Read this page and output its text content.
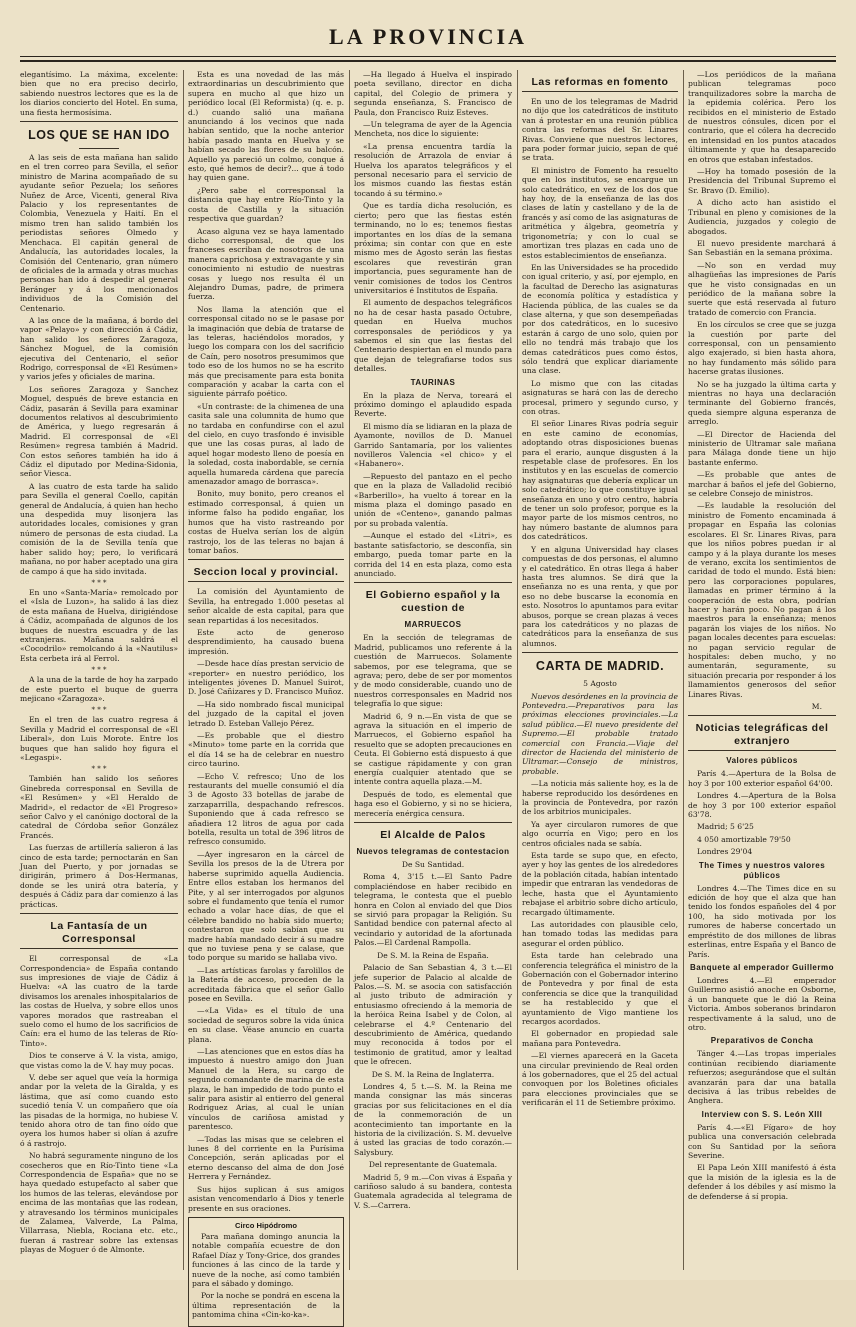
LA PROVINCIA

elegantísimo. La máxima, excelente: bien que no era preciso decirlo, sabiendo nuestros lectores que es la de los diarios concierto del Hotel. En suma, una fiesta hermosísima.

LOS QUE SE HAN IDO

A las seis de esta mañana han salido en el tren correo para Sevilla, el señor ministro de Marina acompañado de su ayudante señor Pezuela; los señores Nuñez de Arce, Vicenti, general Riva Palacio y los representantes de Colombia, Venezuela y Haití. En el mismo tren han salido también los periodistas señores Olmedo y Menchaca. El capitán general de Andalucía, las autoridades locales, la Comisión del Centenario, gran número de oficiales de la armada y otras muchas personas han ido á despedir al general Beránger y á los mencionados individuos de la Comisión del Centenario.

A las once de la mañana, á bordo del vapor «Pelayo» y con dirección á Cádiz, han salido los señores Zaragoza, Sánchez Moguel, de la comisión ejecutiva del Centenario, el señor Rodrigo, corresponsal de «El Resúmen» y varios jefes y oficiales de marina.

Los señores Zaragoza y Sanchez Moguel, después de breve estancia en Cádiz, pasarán á Sevilla para examinar documentos relativos al descubrimiento de América, y luego regresarán á Madrid. El corresponsal de «El Resúmen» regresa también á Madrid. Con estos señores también ha ido á Cádiz el diputado por Medina-Sidonia, señor Viesca.

A las cuatro de esta tarde ha salido para Sevilla el general Coello, capitán general de Andalucía, á quien han hecho una despedida muy lisonjera las autoridades locales, comisiones y gran número de personas de esta ciudad. La comisión de la de Sevilla tenía que haber salido hoy; pero, lo verificará mañana, no por haber aceptado una gira de campo á que ha sido invitada.

* * *

En uno «Santa-María» remolcado por el «Isla de Luzon», ha salido á las diez de esta mañana de Huelva, dirigiéndose á Cádiz, acompañada de algunos de los buques de nuestra escuadra y de las extranjeras. Mañana saldrá el «Cocodrilo» remolcando á la «Nautilus» Esta cerbeta irá al Ferrol.

* * *

A la una de la tarde de hoy ha zarpado de este puerto el buque de guerra mejicano «Zaragoza».

* * *

En el tren de las cuatro regresa á Sevilla y Madrid el corresponsal de «El Liberal», don Luis Morote. Entre los buques que han salido hoy figura el «Legaspi».

* * *

También han salido los señores Ginebreda corresponsal en Sevilla de «El Resúmen» y «El Heraldo de Madrid», el redactor de «El Progreso» señor Calvo y el canónigo doctoral de la catedral de Córdoba señor González Francés.

Las fuerzas de artillería salieron á las cinco de esta tarde; pernoctarán en San Juan del Puerto, y por jornadas se dirigirán, primero á Dos-Hermanas, donde se les unirá otra batería, y después á Cádiz para dar comienzo á las prácticas.

La Fantasía de un Corresponsal

El corresponsal de «La Correspondencia» de España contando sus impresiones de viaje de Cádiz á Huelva: «A las cuatro de la tarde divisamos los arenales inhospitalarios de las costas de Huelva, y sobre ellos unos vapores morados que rastreaban el suelo como el humo de los sacrificios de Caín: era el humo de las teleras de Río-Tinto».

Dios te conserve á V. la vista, amigo, que vistas como la de V. hay muy pocas.

V. debe ser aquel que veía la hormiga andar por la veleta de la Giralda, y es lástima, que así como cuando esto sucedió tenía V. un compañero que oía las pisadas de la hormiga, no hubiese V. tenido ahora otro de tan fino oído que oyera los humos haber si olían á azufre ó á rastrojo.

No habrá seguramente ninguno de los cosecheros que en Río-Tinto tiene «La Correspondencia de España» que no se haya quedado estupefacto al saber que los humos de las teleras, elevándose por encima de las montañas que las rodean, y atravesando los términos municipales de Zalamea, Valverde, La Palma, Villarrasa, Niebla, Rociana etc. etc., fueran á rastrear sobre las extensas playas de Moguer ó de Almonte.

Esta es una novedad de las más extraordinarias un descubrimiento que supera en mucho al que hizo un periódico local (El Reformista) (q. e. p. d.) cuando salió una mañana anunciando á los vecinos que nada habían sentido, que la noche anterior había pasado manta en Huelva y se habían secado las flores de su balcón. Aquello ya pareció un colmo, conque á esto, qué hemos de decir?... que á todo hay quien gane.

¿Pero sabe el corresponsal la distancia que hay entre Río-Tinto y la costa de Castilla y la situación respectiva que guardan?

Acaso alguna vez se haya lamentado dicho corresponsal, de que los franceses escriban de nosotros de una manera caprichosa y extravagante y sin conocimiento ni estudio de nuestras cosas y luego nos resulta él un Alejandro Dumas, padre, de primera fuerza.

Nos llama la atención que el corresponsal citado no se le pasase por la imaginación que debía de tratarse de las teleras, haciéndolos morados, y luego los compara con los del sacrificio de Caín, pero nosotros presumimos que todo eso de los humos no se ha escrito más que precisamente para esta bonita comparación y acabar la carta con el siguiente párrafo poético.

«Un contraste: de la chimenea de una casita sale una columnita de humo que no tardaba en confundirse con el azul del cielo, en cuyo trasfondo é invisible que une las cosas puras, al lado de aquel hogar modesto lleno de poesía en la soledad, costa inabordable, se cernía aquella humareda cárdena que parecía amenazador amago de borrasca».

Bonito, muy bonito, pero creanos el estimado corresponsal, á quien un informe falso ha podido engañar, los humos que ha visto rastreando por costas de Huelva serían los de algún rastrojo, los de las teleras no bajan á tomar baños.

Seccion local y provincial.

La comisión del Ayuntamiento de Sevilla, ha entregado 1.000 pesetas al señor alcalde de esta capital, para que sean repartidas á los necesitados.

Este acto de generoso desprendimiento, ha causado buena impresión.

—Desde hace días prestan servicio de «reporter» en nuestro periódico, los inteligentes jóvenes D. Manuel Suirot, D. José Cañizares y D. Francisco Muñoz.

—Ha sido nombrado fiscal municipal del juzgado de la capital el joven letrado D. Esteban Vallejo Pérez.

—Es probable que el diestro «Minuto» tome parte en la corrida que el día 14 se ha de celebrar en nuestro circo taurino.

—Echo V. refresco; Uno de los restaurants del muelle consumió el día 3 de Agosto 33 botellas de jarabe de zarzaparrilla, despachando refrescos. Suponiendo que á cada refresco se añadiera 12 litros de agua por cada botella, resulta un total de 396 litros de refresco consumido.

—Ayer ingresaron en la cárcel de Sevilla los presos de la de Utrera por haberse suprimido aquella Audiencia. Entre ellos estaban los hermanos del Pite, y al ser interrogados por algunos sobre el fundamento que tenía el rumor echado a volar hace días, de que el célebre bandido no había sido muerto; contestaron que solo sabían que su madre había mandado decir á su madre que no tuviese pena y se calase, que todo porque su marido se hallaba vivo.

—Las artísticas farolas y farolillos de la Batería de acceso, proceden de la acreditada fábrica que el señor Gallo posee en Sevilla.

—«La Vida» es el título de una sociedad de seguros sobre la vida única en su clase. Véase anuncio en cuarta plana.

—Las atenciones que en estos días ha impuesto á nuestro amigo don Juan Manuel de la Hera, su cargo de segundo comandante de marina de esta plaza, le han impedido de todo punto el salir para asistir al entierro del general Rodriguez Arias, al cual le unían vínculos de cariñosa amistad y parentesco.

—Todas las misas que se celebren el lunes 8 del corriente en la Purísima Concepción, serán aplicadas por el eterno descanso del alma de don José Herrera y Fernández.

Sus hijos suplican á sus amigos asistan vencomendarlo á Dios y tenerle presente en sus oraciones.

Circo Hipódromo

Para mañana domingo anuncia la notable compañía ecuestre de don Rafael Díaz y Tony-Grice, dos grandes funciones á las cinco de la tarde y nueve de la noche, así como también para el sábado y domingo.

Por la noche se pondrá en escena la última representación de la pantomima china «Cin-ko-ka».

—Ha llegado á Huelva el inspirado poeta sevillano, director en dicha capital, del Colegio de primera y segunda enseñanza, S. Francisco de Paula, don Francisco Ruiz Esteves.

—Un telegrama de ayer de la Agencia Mencheta, nos dice lo siguiente:

«La prensa encuentra tardía la resolución de Arrazola de enviar á Huelva los aparatos telegráficos y el personal necesario para el servicio de los mismos cuando las fiestas están tocando á su término.»

Que es tardía dicha resolución, es cierto; pero que las fiestas estén terminando, no lo es; tenemos fiestas importantes en los días de la semana próxima; sin contar con que en este mismo mes de Agosto serán las fiestas escolares que revestirán gran importancia, pues seguramente han de venir comisiones de todos los Centros universitarios é Institutos de España.

El aumento de despachos telegráficos no ha de cesar hasta pasado Octubre, quedan en Huelva muchos corresponsales de periódicos y ya sabemos el sin que las fiestas del Centenario despiertan en el mundo para que dejan de telegrafiarse todos sus detalles.

TAURINAS

En la plaza de Nerva, toreará el próximo domingo el aplaudido espada Reverte.

El mismo día se lidiaran en la plaza de Ayamonte, novillos de D. Manuel Garrido Santamaría, por los valientes novilleros Valencia «el chico» y el «Habanero».

—Repuesto del pantazo en el pecho que en la plaza de Valladolid recibió «Barberillo», ha vuelto á torear en la misma plaza el domingo pasado en unión de «Centeno», ganando palmas por su probada valentía.

—Aunque el estado del «Litri», es bastante satisfactorio, se desconfía, sin embargo, pueda tomar parte en la corrida del 14 en esta plaza, como esta anunciado.

El Gobierno español y la cuestion de
MARRUECOS

En la sección de telegramas de Madrid, publicamos uno referente á la cuestión de Marruecos. Solamente sabemos, por ese telegrama, que se agrava; pero, debe de ser por momentos y de modo considerable, cuando uno de nuestros corresponsales en Madrid nos telegrafía lo que sigue:

Madrid 6, 9 n.—En vista de que se agrava la situación en el imperio de Marruecos, el Gobierno español ha resuelto que se adopten precauciones en Ceuta. El Gobierno está dispuesto á que se castigue rápidamente y con gran energía cualquier atentado que se intente contra aquella plaza.—M.

Después de todo, es elemental que haga eso el Gobierno, y si no se hiciera, merecería enérgica censura.

El Alcalde de Palos
Nuevos telegramas de contestacion

De Su Santidad.

Roma 4, 3'15 t.—El Santo Padre complaciéndose en haber recibido en telegrama, le contesta que el pueblo honra en Colon al enviado del que Dios se sirvió para propagar la Religión. Su Santidad bendice con paternal afecto al vecindario y autoridad de la afortunada Palos.—El Cardenal Rampolla.

De S. M. la Reina de España.

Palacio de San Sebastian 4, 3 t.—El jefe superior de Palacio al alcalde de Palos.—S. M. se asocia con satisfacción al justo tributo de admiración y entusiasmo ofreciendo á la memoria de la heróica Reina Isabel y de Colon, al celebrarse el 4.º Centenario del descubrimiento de América, quedando muy reconocida á todos por el testimonio de gratitud, amor y lealtad que le ofrecen.

De S. M. la Reina de Inglaterra.

Londres 4, 5 t.—S. M. la Reina me manda consignar las más sinceras gracias por sus felicitaciones en el día de la conmemoración de un acontecimiento tan importante en la historia de la civilización. S. M. devuelve á usted las gracias de todo corazón.—Salysbury.

Del representante de Guatemala.

Madrid 5, 9 m.—Con vivas á España y cariñoso saludo á su bandera, contesta Guatemala agradecida al telegrama de V. S.—Carrera.

Las reformas en fomento

En uno de los telegramas de Madrid no dijo que los catedráticos de instituto van á protestar en una reunión pública contra las reformas del Sr. Linares Rivas. Conviene que nuestros lectores, para poder formar juicio, sepan de qué se trata.

El ministro de Fomento ha resuelto que en los institutos, se encargue un solo catedrático, en vez de los dos que hay hoy, de la enseñanza de las dos clases de latín y castellano y de la de francés y así como de las asignaturas de aritmética y álgebra, geometría y trigonometría; y con lo cual se amortizan tres plazas en cada uno de estos establecimientos de enseñanza.

En las Universidades se ha procedido con igual criterio, y así, por ejemplo, en la facultad de Derecho las asignaturas de economía política y estadística y Hacienda pública, de las cuales se da clase alterna, y que son desempeñadas por dos catedráticos, en lo sucesivo estarán á cargo de uno solo, quien por ello no tendrá más trabajo que los demas catedráticos pues como éstos, sólo tendrá que explicar diariamente una clase.

Lo mismo que con las citadas asignaturas se hará con las de derecho procesal, primero y segundo curso, y con otras.

El señor Linares Rivas podría seguir en este camino de economías, adoptando otras disposiciones buenas para el erario, aunque disgusten á la respetable clase de profesores. En los institutos y en las escuelas de comercio hay asignaturas que debería explicar un solo catedrático; lo que constituye igual enseñanza en uno y otro centro, habría de tener un solo profesor, porque es la mayor parte de los mismos centros, no hay número bastante de alumnos para dos catedráticos.

Y en alguna Universidad hay clases compuestas de dos personas, el alumno y el catedrático. En otras llega á haber hasta tres alumnos. Se dirá que la enseñanza no es una renta, y que por eso no debe buscarse la economía en esto. Nosotros lo apuntamos para evitar abusos, porque se crean plazas á veces para los catedráticos y no plazas de catedráticos para la enseñanza de sus alumnos.

CARTA DE MADRID.

5 Agosto

Nuevos desórdenes en la provincia de Pontevedra.—Preparativos para las próximas elecciones provinciales.—La salud pública.—El nuevo presidente del Supremo.—El probable tratado comercial con Francia.—Viaje del director de Hacienda del ministerio de Ultramar.—Consejo de ministros, probable.

—La noticia más saliente hoy, es la de haberse reproducido los desórdenes en la provincia de Pontevedra, por razón de los arbitrios municipales.

Ya ayer circularon rumores de que algo ocurría en Vigo; pero en los centros oficiales nada se sabía.

Esta tarde se supo que, en efecto, ayer y hoy las gentes de los alrededores de la población citada, habían intentado impedir que entraran las vendedoras de leche, hasta que el Ayuntamiento rebajase el arbitrio sobre dicho artículo, recargado últimamente.

Las autoridades con plausible celo, han tomado todas las medidas para asegurar el orden público.

Esta tarde han celebrado una conferencia telegráfica el ministro de la Gobernación con el Gobernador interino de Pontevedra y por final de esta conferencia se dice que la tranquilidad se ha restablecido y que el ayuntamiento de Vigo mantiene los recargos acordados.

El gobernador en propiedad sale mañana para Pontevedra.

—El viernes aparecerá en la Gaceta una circular previniendo de Real orden á los gobernadores, que el 25 del actual convoquen por los Boletines oficiales para elecciones provinciales que se verificarán el 11 de Setiembre próximo.

—Los periódicos de la mañana publican telegramas poco tranquilizadores sobre la marcha de la epidemia colérica. Pero los recibidos en el ministerio de Estado de nuestros cónsules, dicen por el contrario, que el cólera ha decrecido en intensidad en los puntos atacados últimamente y que ha desaparecido en otros que estaban infestados.

—Hoy ha tomado posesión de la Presidencia del Tribunal Supremo el Sr. Bravo (D. Emilio).

A dicho acto han asistido el Tribunal en pleno y comisiones de la Audiencia, juzgados y colegio de abogados.

El nuevo presidente marchará á San Sebastián en la semana próxima.

—No son en verdad muy alhagüeñas las impresiones de París que he visto consignadas en un periódico de la mañana sobre la suerte que está reservada al futuro tratado de comercio con Francia.

En los círculos se cree que se juzga la cuestión por parte del corresponsal, con un pensamiento algo exajerado, si bien hasta ahora, no hay fundamento más sólido para hacerse gratas ilusiones.

No se ha juzgado la última carta y mientras no haya una declaración terminante del Gobierno francés, queda siempre alguna esperanza de arreglo.

—El Director de Hacienda del ministerio de Ultramar sale mañana para Málaga donde tiene un hijo bastante enfermo.

—Es probable que antes de marchar á baños el jefe del Gobierno, se celebre Consejo de ministros.

—Es laudable la resolución del ministro de Fomento encaminada á propagar en España las colonias escolares. El Sr. Linares Rivas, para que los niños pobres puedan ir al campo y á la playa durante los meses de verano, excita los sentimientos de caridad de todo el mundo. Está bien: pero las corporaciones populares, llamadas en primer término á la cooperación de esta obra, podrían hacer y harán poco. No pagan á los maestros para la enseñanza; menos pagarán los viajes de los niños. No pagan locales decentes para escuelas: no pagan servicio regular de hospitales: deben mucho, y no aumentarán, seguramente, su situación precaria por responder á los llamamientos generosos del señor Linares Rivas.

M.

Noticias telegráficas del extranjero
Valores públicos

París 4.—Apertura de la Bolsa de hoy 3 por 100 exterior español 64'00.

Londres 4.—Apertura de la Bolsa de hoy 3 por 100 exterior español 63'78.

Madrid; 5 6'25

4 050 amortizable 79'50

Londres 29'04

The Times y nuestros valores públicos

Londres 4.—The Times dice en su edición de hoy que el alza que han tenido los fondos españoles del 4 por 100, ha sido motivada por los rumores de haberse concertado un empréstito de dos millones de libras esterlinas, entre España y el Banco de París.

Banquete al emperador Guillermo

Londres 4.—El emperador Guillermo asistió anoche en Osborne, á un banquete que le dió la Reina Victoria. Ambos soberanos brindaron respectivamente á la salud, uno de otro.

Preparativos de Concha

Tánger 4.—Las tropas imperiales continúan recibiendo diariamente refuerzos; asegurándose que el sultán avanzarán para dar una batalla decisiva á las tribus rebeldes de Anghera.

Interview con S. S. León XIII

París 4.—«El Fígaro» de hoy publica una conversación celebrada con Su Santidad por la señora Severine.

El Papa León XIII manifestó á ésta que la misión de la iglesia es la de defender á los débiles y así mismo la de defenderse á sí propia.
